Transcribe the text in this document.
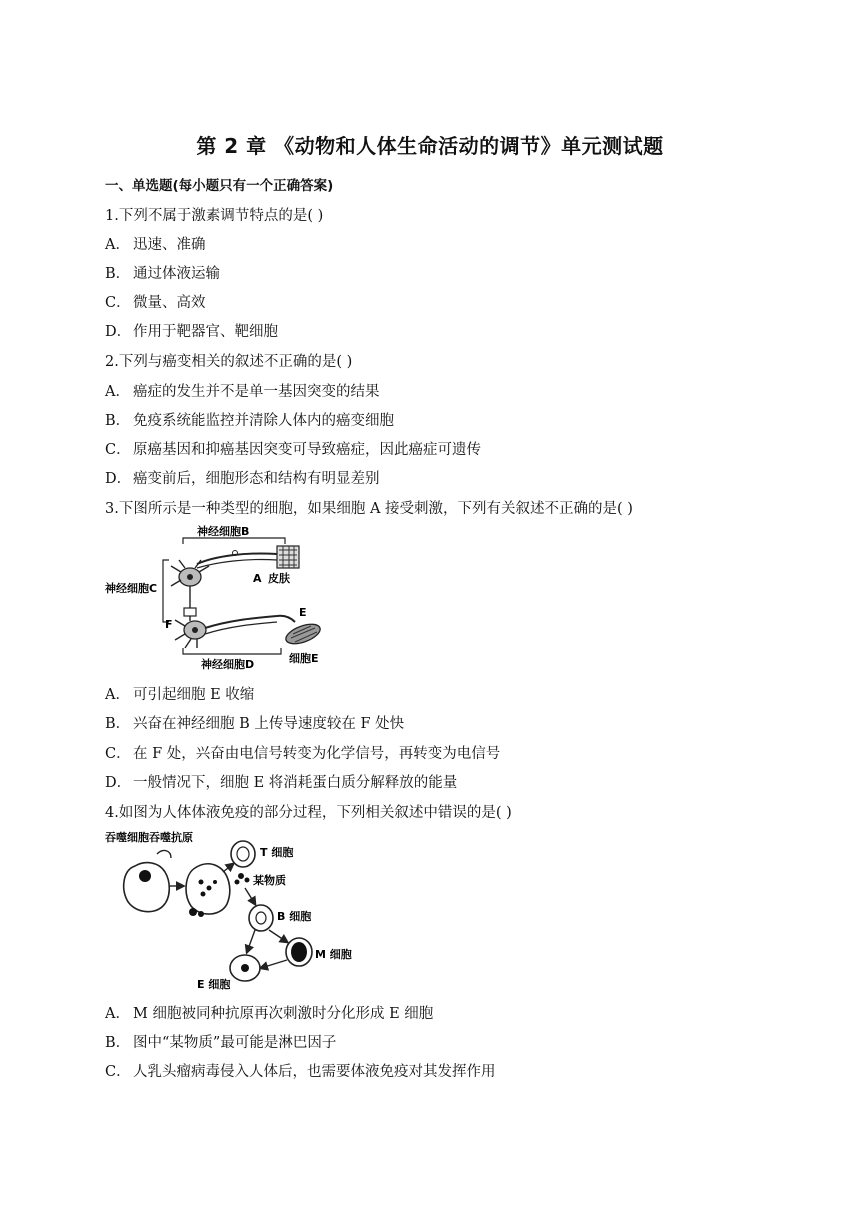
第 2 章 《动物和人体生命活动的调节》单元测试题
一、单选题(每小题只有一个正确答案)
1.下列不属于激素调节特点的是( )
A． 迅速、准确
B． 通过体液运输
C． 微量、高效
D． 作用于靶器官、靶细胞
2.下列与癌变相关的叙述不正确的是( )
A． 癌症的发生并不是单一基因突变的结果
B． 免疫系统能监控并清除人体内的癌变细胞
C． 原癌基因和抑癌基因突变可导致癌症，因此癌症可遗传
D． 癌变前后，细胞形态和结构有明显差别
3.下图所示是一种类型的细胞，如果细胞 A 接受刺激，下列有关叙述不正确的是( )
神经细胞B
A 皮肤
神经细胞C
F
E
细胞E
神经细胞D
A． 可引起细胞 E 收缩
B． 兴奋在神经细胞 B 上传导速度较在 F 处快
C． 在 F 处，兴奋由电信号转变为化学信号，再转变为电信号
D． 一般情况下，细胞 E 将消耗蛋白质分解释放的能量
4.如图为人体体液免疫的部分过程，下列相关叙述中错误的是( )
吞噬细胞吞噬抗原
T 细胞
某物质
B 细胞
M 细胞
E 细胞
A． M 细胞被同种抗原再次刺激时分化形成 E 细胞
B． 图中“某物质”最可能是淋巴因子
C． 人乳头瘤病毒侵入人体后，也需要体液免疫对其发挥作用
